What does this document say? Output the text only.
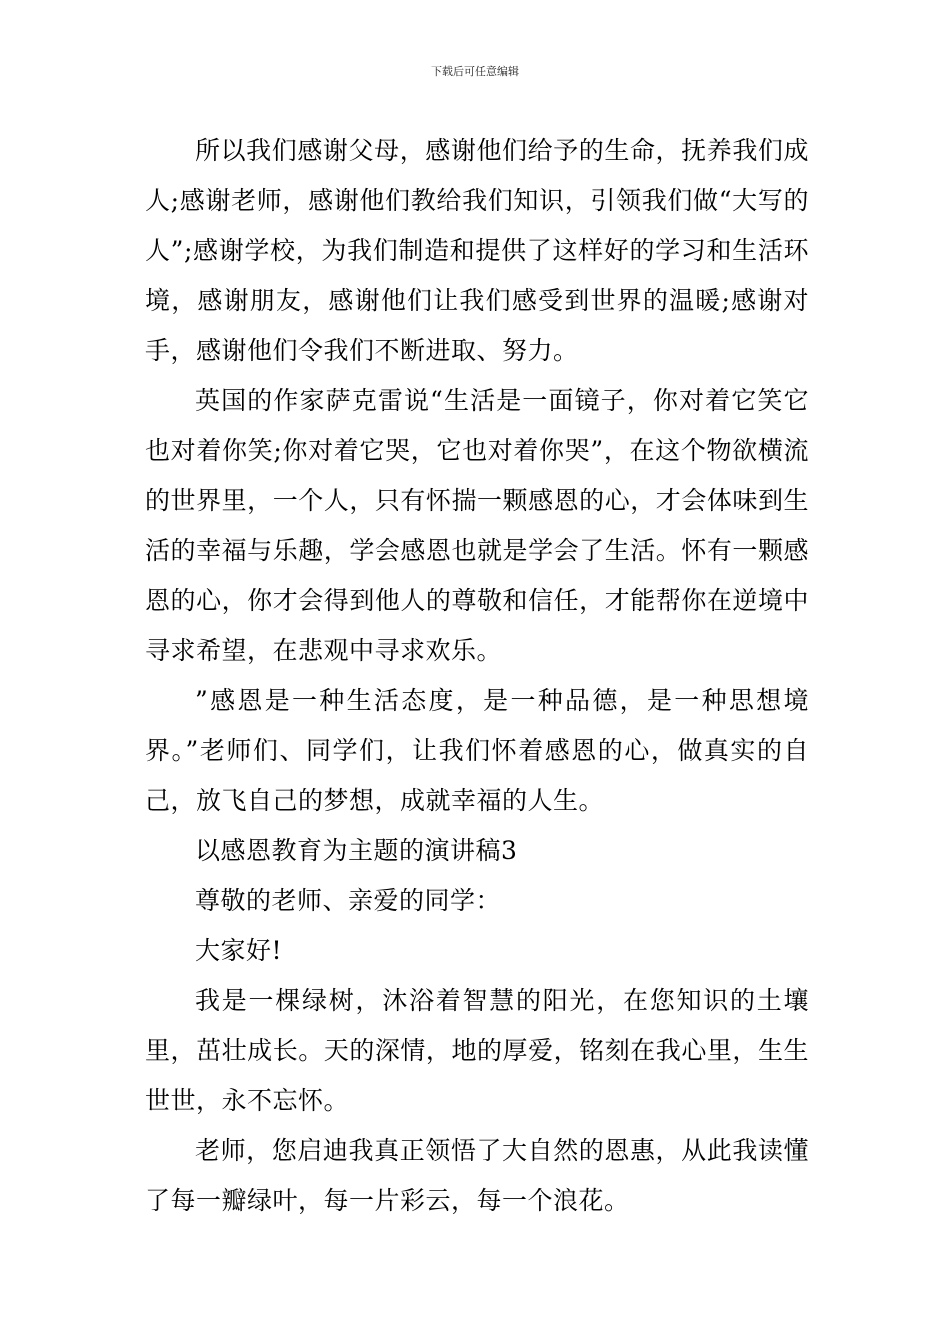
下载后可任意编辑

所以我们感谢父母，感谢他们给予的生命，抚养我们成人;感谢老师，感谢他们教给我们知识，引领我们做“大写的人”;感谢学校，为我们制造和提供了这样好的学习和生活环境，感谢朋友，感谢他们让我们感受到世界的温暖;感谢对手，感谢他们令我们不断进取、努力。

英国的作家萨克雷说“生活是一面镜子，你对着它笑它也对着你笑;你对着它哭，它也对着你哭”，在这个物欲横流的世界里，一个人，只有怀揣一颗感恩的心，才会体味到生活的幸福与乐趣，学会感恩也就是学会了生活。怀有一颗感恩的心，你才会得到他人的尊敬和信任，才能帮你在逆境中寻求希望，在悲观中寻求欢乐。

”感恩是一种生活态度，是一种品德，是一种思想境界。”老师们、同学们，让我们怀着感恩的心，做真实的自己，放飞自己的梦想，成就幸福的人生。

以感恩教育为主题的演讲稿3

尊敬的老师、亲爱的同学：

大家好!

我是一棵绿树，沐浴着智慧的阳光，在您知识的土壤里，茁壮成长。天的深情，地的厚爱，铭刻在我心里，生生世世，永不忘怀。

老师，您启迪我真正领悟了大自然的恩惠，从此我读懂了每一瓣绿叶，每一片彩云，每一个浪花。
